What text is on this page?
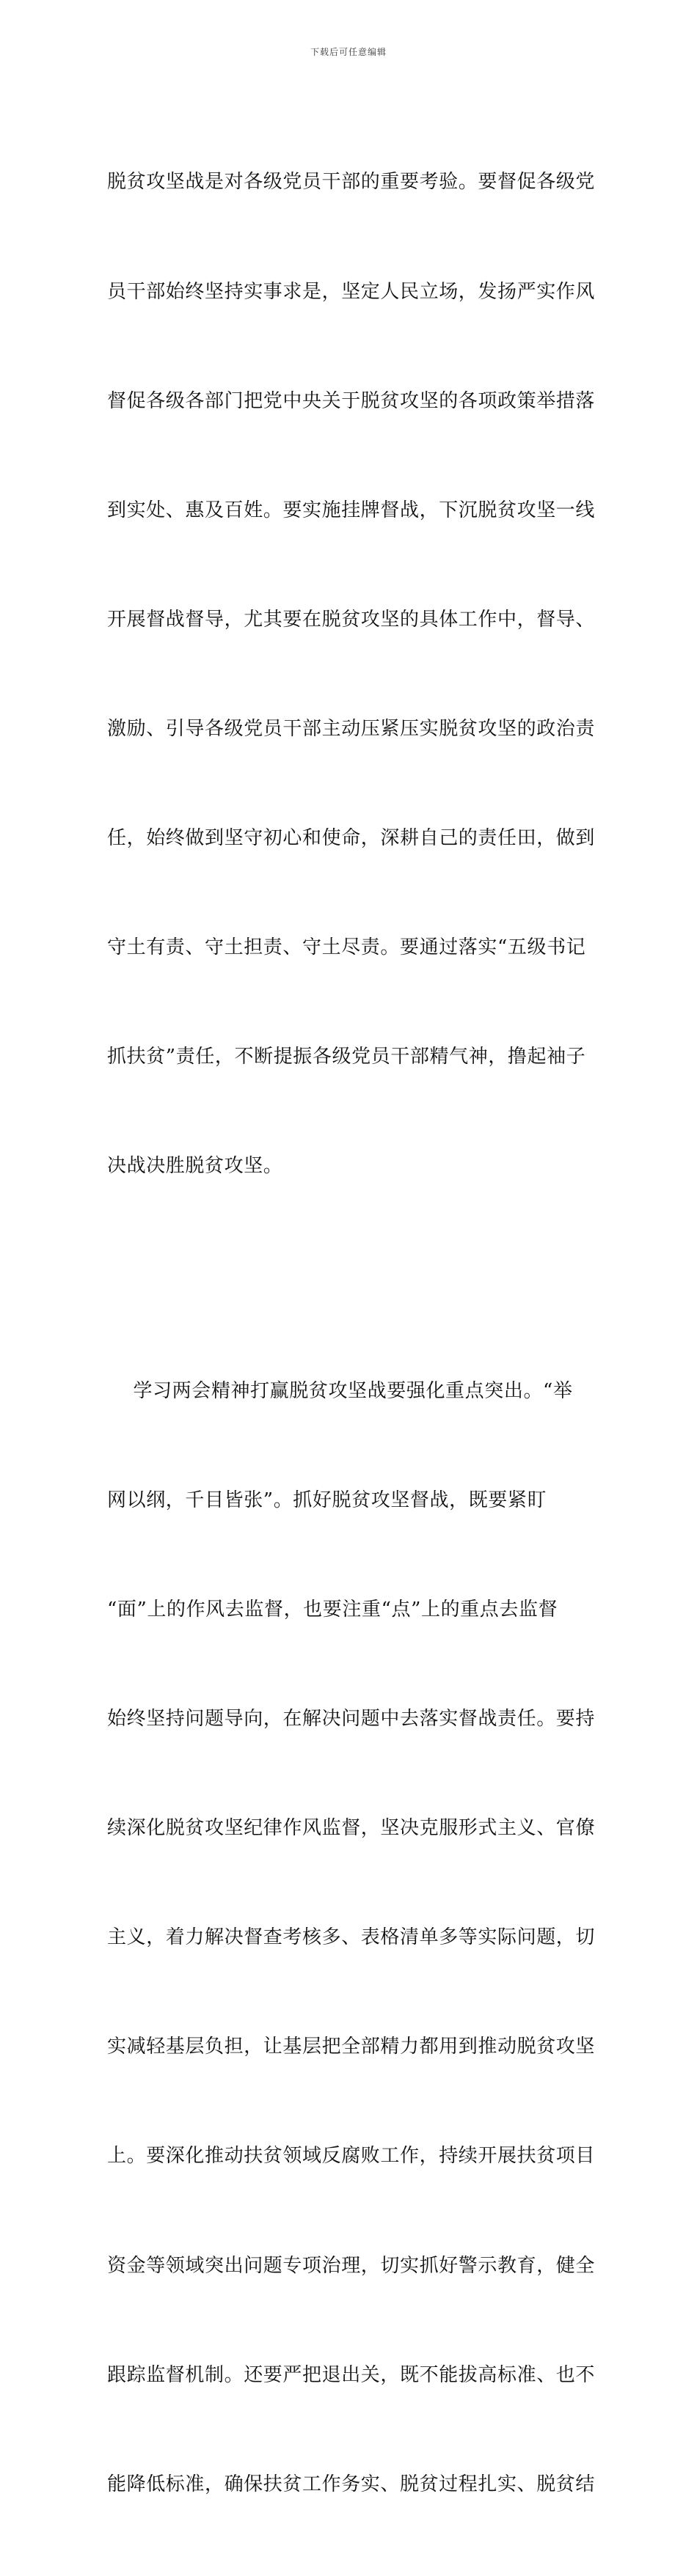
下载后可任意编辑

脱贫攻坚战是对各级党员干部的重要考验。要督促各级党

员干部始终坚持实事求是，坚定人民立场，发扬严实作风

督促各级各部门把党中央关于脱贫攻坚的各项政策举措落

到实处、惠及百姓。要实施挂牌督战，下沉脱贫攻坚一线

开展督战督导，尤其要在脱贫攻坚的具体工作中，督导、

激励、引导各级党员干部主动压紧压实脱贫攻坚的政治责

任，始终做到坚守初心和使命，深耕自己的责任田，做到

守土有责、守土担责、守土尽责。要通过落实“五级书记

抓扶贫”责任，不断提振各级党员干部精气神，撸起袖子

决战决胜脱贫攻坚。

学习两会精神打赢脱贫攻坚战要强化重点突出。“举

网以纲，千目皆张”。抓好脱贫攻坚督战，既要紧盯

“面”上的作风去监督，也要注重“点”上的重点去监督

始终坚持问题导向，在解决问题中去落实督战责任。要持

续深化脱贫攻坚纪律作风监督，坚决克服形式主义、官僚

主义，着力解决督查考核多、表格清单多等实际问题，切

实减轻基层负担，让基层把全部精力都用到推动脱贫攻坚

上。要深化推动扶贫领域反腐败工作，持续开展扶贫项目

资金等领域突出问题专项治理，切实抓好警示教育，健全

跟踪监督机制。还要严把退出关，既不能拔高标准、也不

能降低标准，确保扶贫工作务实、脱贫过程扎实、脱贫结
